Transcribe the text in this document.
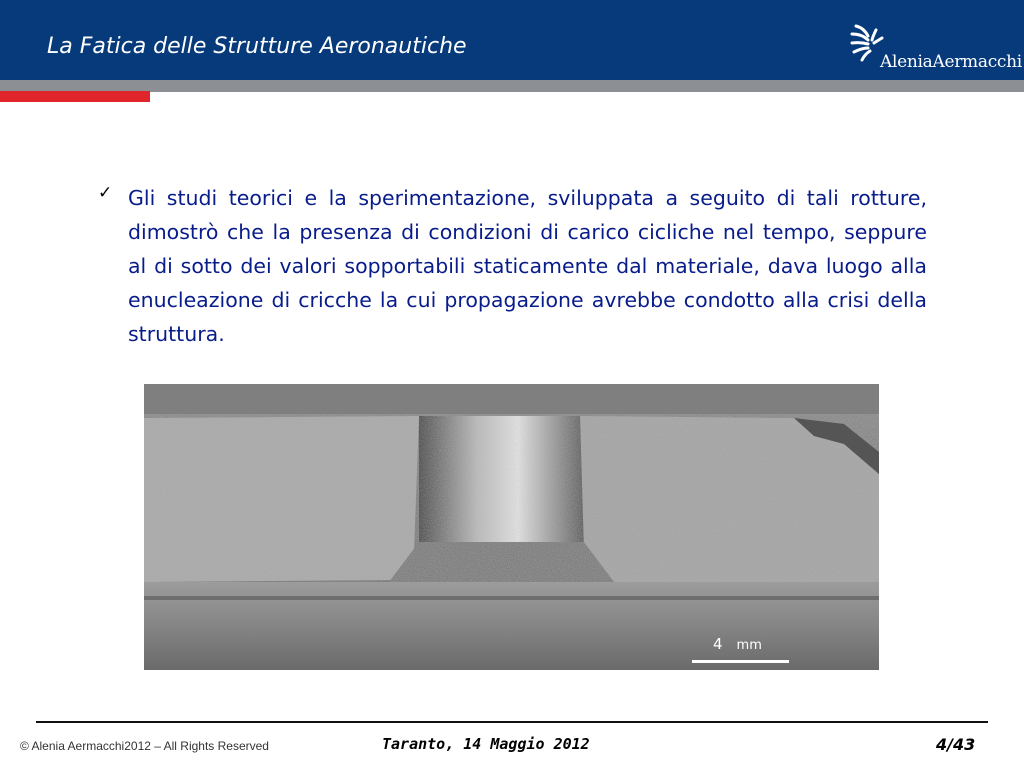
La Fatica delle Strutture Aeronautiche
AleniaAermacchi
✓ Gli studi teorici e la sperimentazione, sviluppata a seguito di tali rotture, dimostrò che la presenza di condizioni di carico cicliche nel tempo, seppure al di sotto dei valori sopportabili staticamente dal materiale, dava luogo alla enucleazione di cricche la cui propagazione avrebbe condotto alla crisi della struttura.
4 mm
© Alenia Aermacchi2012 – All Rights Reserved	Taranto, 14 Maggio 2012	4/43
